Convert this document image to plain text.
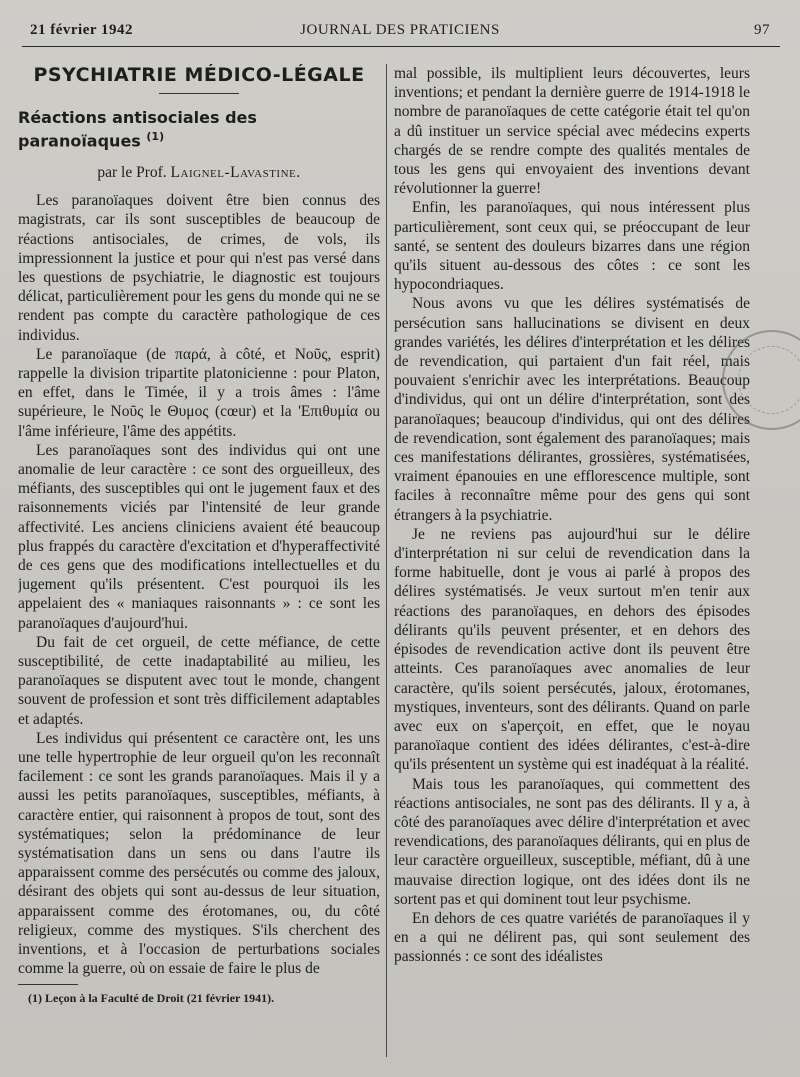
21 février 1942	JOURNAL DES PRATICIENS	97
PSYCHIATRIE MÉDICO-LÉGALE
Réactions antisociales des paranoïaques $^{(1)}$
par le Prof. Laignel-Lavastine.

Les paranoïaques doivent être bien connus des magistrats, car ils sont susceptibles de beaucoup de réactions antisociales, de crimes, de vols, ils impressionnent la justice et pour qui n'est pas versé dans les questions de psychiatrie, le diagnostic est toujours délicat, particulièrement pour les gens du monde qui ne se rendent pas compte du caractère pathologique de ces individus.

Le paranoïaque (de παρά, à côté, et Νοῦς, esprit) rappelle la division tripartite platonicienne : pour Platon, en effet, dans le Timée, il y a trois âmes : l'âme supérieure, le Νοῦς le Θυμος (cœur) et la 'Επιθυμία ou l'âme inférieure, l'âme des appétits.

Les paranoïaques sont des individus qui ont une anomalie de leur caractère : ce sont des orgueilleux, des méfiants, des susceptibles qui ont le jugement faux et des raisonnements viciés par l'intensité de leur grande affectivité. Les anciens cliniciens avaient été beaucoup plus frappés du caractère d'excitation et d'hyperaffectivité de ces gens que des modifications intellectuelles et du jugement qu'ils présentent. C'est pourquoi ils les appelaient des « maniaques raisonnants » : ce sont les paranoïaques d'aujourd'hui.

Du fait de cet orgueil, de cette méfiance, de cette susceptibilité, de cette inadaptabilité au milieu, les paranoïaques se disputent avec tout le monde, changent souvent de profession et sont très difficilement adaptables et adaptés.

Les individus qui présentent ce caractère ont, les uns une telle hypertrophie de leur orgueil qu'on les reconnaît facilement : ce sont les grands paranoïaques. Mais il y a aussi les petits paranoïaques, susceptibles, méfiants, à caractère entier, qui raisonnent à propos de tout, sont des systématiques; selon la prédominance de leur systématisation dans un sens ou dans l'autre ils apparaissent comme des persécutés ou comme des jaloux, désirant des objets qui sont au-dessus de leur situation, apparaissent comme des érotomanes, ou, du côté religieux, comme des mystiques. S'ils cherchent des inventions, et à l'occasion de perturbations sociales comme la guerre, où on essaie de faire le plus de

(1) Leçon à la Faculté de Droit (21 février 1941).

mal possible, ils multiplient leurs découvertes, leurs inventions; et pendant la dernière guerre de 1914-1918 le nombre de paranoïaques de cette catégorie était tel qu'on a dû instituer un service spécial avec médecins experts chargés de se rendre compte des qualités mentales de tous les gens qui envoyaient des inventions devant révolutionner la guerre!

Enfin, les paranoïaques, qui nous intéressent plus particulièrement, sont ceux qui, se préoccupant de leur santé, se sentent des douleurs bizarres dans une région qu'ils situent au-dessous des côtes : ce sont les hypocondriaques.

Nous avons vu que les délires systématisés de persécution sans hallucinations se divisent en deux grandes variétés, les délires d'interprétation et les délires de revendication, qui partaient d'un fait réel, mais pouvaient s'enrichir avec les interprétations. Beaucoup d'individus, qui ont un délire d'interprétation, sont des paranoïaques; beaucoup d'individus, qui ont des délires de revendication, sont également des paranoïaques; mais ces manifestations délirantes, grossières, systématisées, vraiment épanouies en une efflorescence multiple, sont faciles à reconnaître même pour des gens qui sont étrangers à la psychiatrie.

Je ne reviens pas aujourd'hui sur le délire d'interprétation ni sur celui de revendication dans la forme habituelle, dont je vous ai parlé à propos des délires systématisés. Je veux surtout m'en tenir aux réactions des paranoïaques, en dehors des épisodes délirants qu'ils peuvent présenter, et en dehors des épisodes de revendication active dont ils peuvent être atteints. Ces paranoïaques avec anomalies de leur caractère, qu'ils soient persécutés, jaloux, érotomanes, mystiques, inventeurs, sont des délirants. Quand on parle avec eux on s'aperçoit, en effet, que le noyau paranoïaque contient des idées délirantes, c'est-à-dire qu'ils présentent un système qui est inadéquat à la réalité.

Mais tous les paranoïaques, qui commettent des réactions antisociales, ne sont pas des délirants. Il y a, à côté des paranoïaques avec délire d'interprétation et avec revendications, des paranoïaques délirants, qui en plus de leur caractère orgueilleux, susceptible, méfiant, dû à une mauvaise direction logique, ont des idées dont ils ne sortent pas et qui dominent tout leur psychisme.

En dehors de ces quatre variétés de paranoïaques il y en a qui ne délirent pas, qui sont seulement des passionnés : ce sont des idéalistes
